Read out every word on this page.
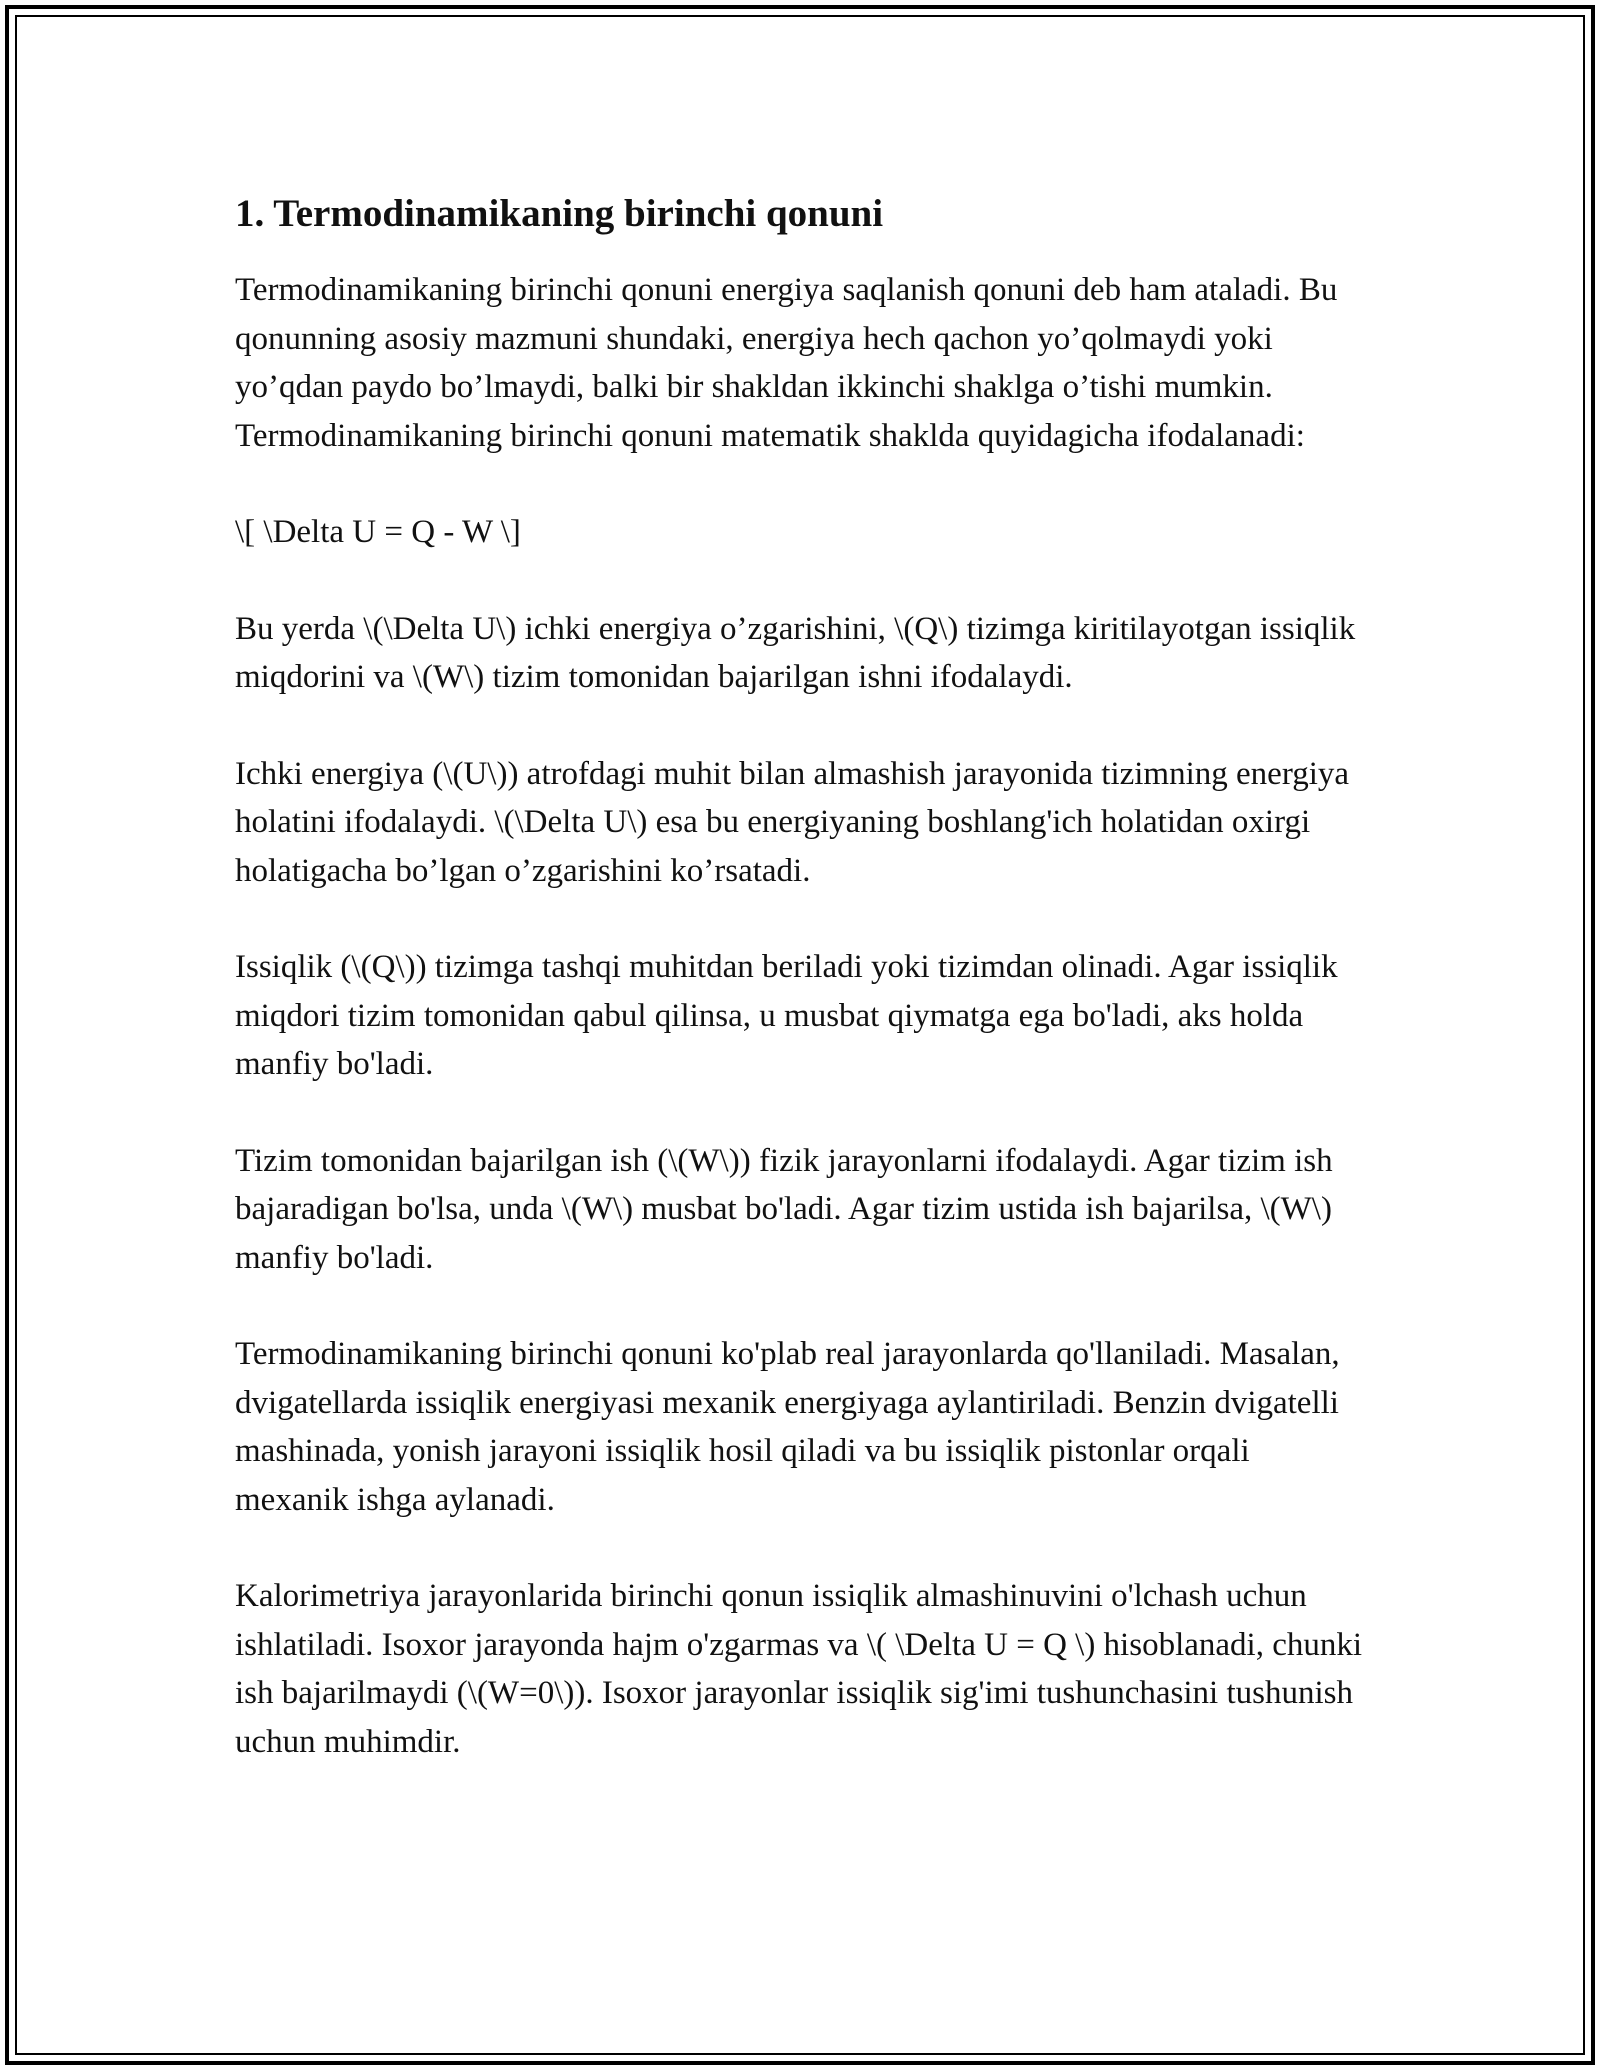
1. Termodinamikaning birinchi qonuni

Termodinamikaning birinchi qonuni energiya saqlanish qonuni deb ham ataladi. Bu qonunning asosiy mazmuni shundaki, energiya hech qachon yo’qolmaydi yoki yo’qdan paydo bo’lmaydi, balki bir shakldan ikkinchi shaklga o’tishi mumkin. Termodinamikaning birinchi qonuni matematik shaklda quyidagicha ifodalanadi:

\[ \Delta U = Q - W \]

Bu yerda \(\Delta U\) ichki energiya o’zgarishini, \(Q\) tizimga kiritilayotgan issiqlik miqdorini va \(W\) tizim tomonidan bajarilgan ishni ifodalaydi.

Ichki energiya (\(U\)) atrofdagi muhit bilan almashish jarayonida tizimning energiya holatini ifodalaydi. \(\Delta U\) esa bu energiyaning boshlang'ich holatidan oxirgi holatigacha bo’lgan o’zgarishini ko’rsatadi.

Issiqlik (\(Q\)) tizimga tashqi muhitdan beriladi yoki tizimdan olinadi. Agar issiqlik miqdori tizim tomonidan qabul qilinsa, u musbat qiymatga ega bo'ladi, aks holda manfiy bo'ladi.

Tizim tomonidan bajarilgan ish (\(W\)) fizik jarayonlarni ifodalaydi. Agar tizim ish bajaradigan bo'lsa, unda \(W\) musbat bo'ladi. Agar tizim ustida ish bajarilsa, \(W\) manfiy bo'ladi.

Termodinamikaning birinchi qonuni ko'plab real jarayonlarda qo'llaniladi. Masalan, dvigatellarda issiqlik energiyasi mexanik energiyaga aylantiriladi. Benzin dvigatelli mashinada, yonish jarayoni issiqlik hosil qiladi va bu issiqlik pistonlar orqali mexanik ishga aylanadi.

Kalorimetriya jarayonlarida birinchi qonun issiqlik almashinuvini o'lchash uchun ishlatiladi. Isoxor jarayonda hajm o'zgarmas va \( \Delta U = Q \) hisoblanadi, chunki ish bajarilmaydi (\(W=0\)). Isoxor jarayonlar issiqlik sig'imi tushunchasini tushunish uchun muhimdir.
